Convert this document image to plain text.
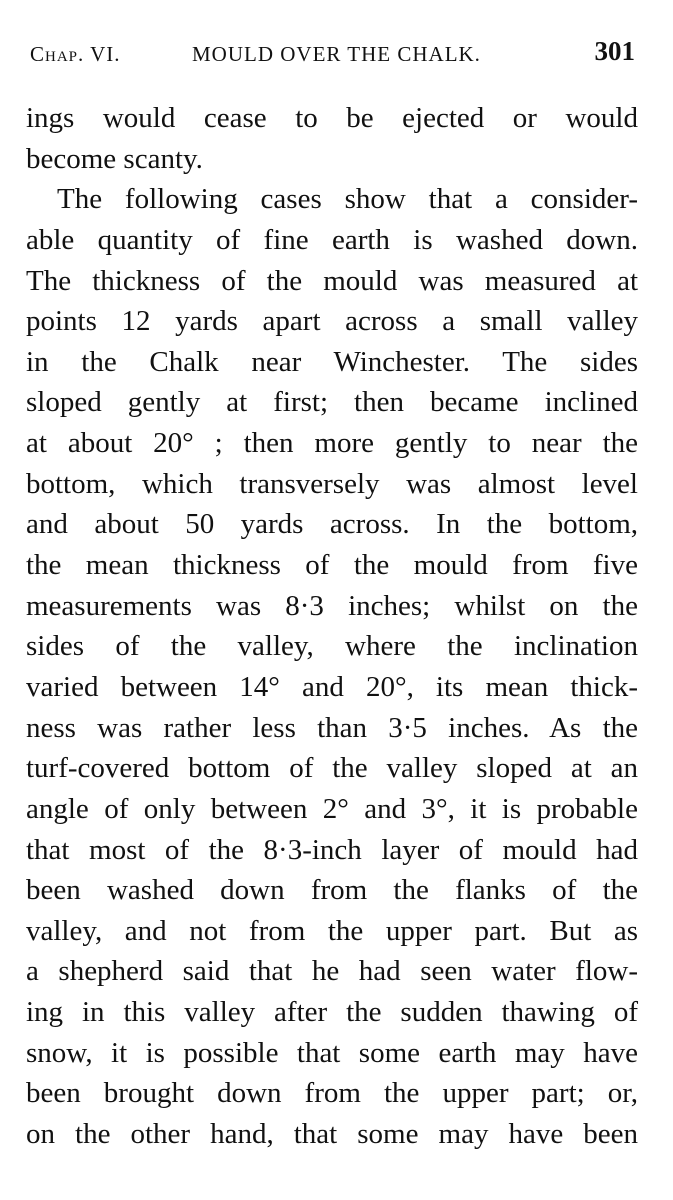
Chap. VI.	MOULD OVER THE CHALK.	301
ings would cease to be ejected or would
become scanty.
The following cases show that a consider-
able quantity of fine earth is washed down.
The thickness of the mould was measured at
points 12 yards apart across a small valley
in the Chalk near Winchester. The sides
sloped gently at first; then became inclined
at about 20° ; then more gently to near the
bottom, which transversely was almost level
and about 50 yards across. In the bottom,
the mean thickness of the mould from five
measurements was 8·3 inches; whilst on the
sides of the valley, where the inclination
varied between 14° and 20°, its mean thick-
ness was rather less than 3·5 inches. As the
turf-covered bottom of the valley sloped at an
angle of only between 2° and 3°, it is probable
that most of the 8·3-inch layer of mould had
been washed down from the flanks of the
valley, and not from the upper part. But as
a shepherd said that he had seen water flow-
ing in this valley after the sudden thawing of
snow, it is possible that some earth may have
been brought down from the upper part; or,
on the other hand, that some may have been
